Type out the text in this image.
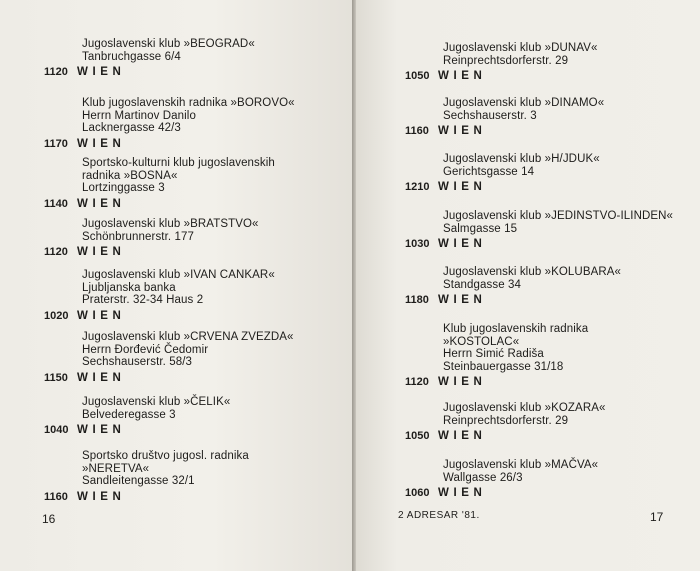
Jugoslavenski klub »BEOGRAD«
Tanbruchgasse 6/4
1120 WIEN
Klub jugoslavenskih radnika »BOROVO«
Herrn Martinov Danilo
Lacknergasse 42/3
1170 WIEN
Sportsko-kulturni klub jugoslavenskih
radnika »BOSNA«
Lortzinggasse 3
1140 WIEN
Jugoslavenski klub »BRATSTVO«
Schönbrunnerstr. 177
1120 WIEN
Jugoslavenski klub »IVAN CANKAR«
Ljubljanska banka
Praterstr. 32-34 Haus 2
1020 WIEN
Jugoslavenski klub »CRVENA ZVEZDA«
Herrn Đorđević Čedomir
Sechshauserstr. 58/3
1150 WIEN
Jugoslavenski klub »ČELIK«
Belvederegasse 3
1040 WIEN
Sportsko društvo jugosl. radnika
»NERETVA«
Sandleitengasse 32/1
1160 WIEN
16
Jugoslavenski klub »DUNAV«
Reinprechtsdorferstr. 29
1050 WIEN
Jugoslavenski klub »DINAMO«
Sechshauserstr. 3
1160 WIEN
Jugoslavenski klub »H/JDUK«
Gerichtsgasse 14
1210 WIEN
Jugoslavenski klub »JEDINSTVO-ILINDEN«
Salmgasse 15
1030 WIEN
Jugoslavenski klub »KOLUBARA«
Standgasse 34
1180 WIEN
Klub jugoslavenskih radnika
»KOSTOLAC«
Herrn Simić Radiša
Steinbauergasse 31/18
1120 WIEN
Jugoslavenski klub »KOZARA«
Reinprechtsdorferstr. 29
1050 WIEN
Jugoslavenski klub »MAČVA«
Wallgasse 26/3
1060 WIEN
2 ADRESAR '81.	17
